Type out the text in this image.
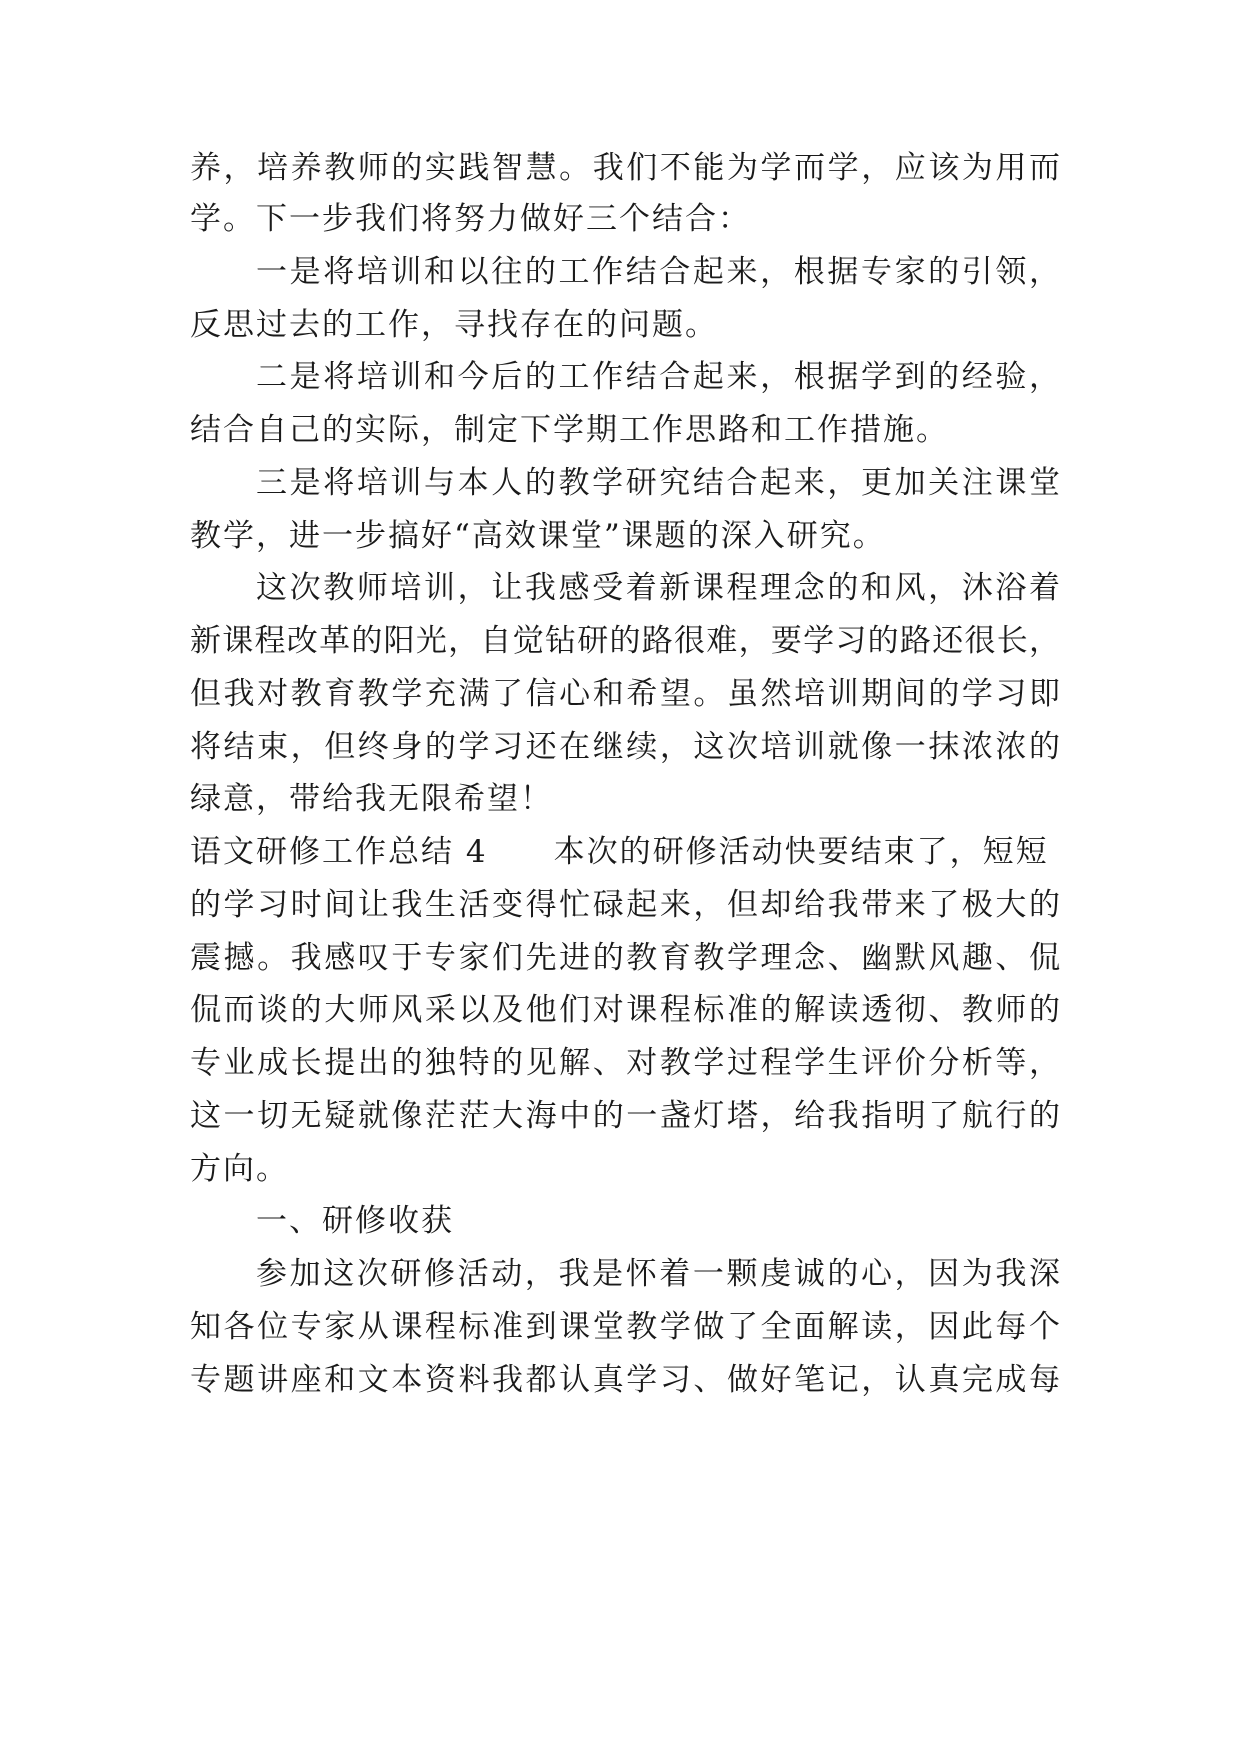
养，培养教师的实践智慧。我们不能为学而学，应该为用而
学。下一步我们将努力做好三个结合：
一是将培训和以往的工作结合起来，根据专家的引领，
反思过去的工作，寻找存在的问题。
二是将培训和今后的工作结合起来，根据学到的经验，
结合自己的实际，制定下学期工作思路和工作措施。
三是将培训与本人的教学研究结合起来，更加关注课堂
教学，进一步搞好“高效课堂”课题的深入研究。
这次教师培训，让我感受着新课程理念的和风，沐浴着
新课程改革的阳光，自觉钻研的路很难，要学习的路还很长，
但我对教育教学充满了信心和希望。虽然培训期间的学习即
将结束，但终身的学习还在继续，这次培训就像一抹浓浓的
绿意，带给我无限希望！
语文研修工作总结 4　　本次的研修活动快要结束了，短短
的学习时间让我生活变得忙碌起来，但却给我带来了极大的
震撼。我感叹于专家们先进的教育教学理念、幽默风趣、侃
侃而谈的大师风采以及他们对课程标准的解读透彻、教师的
专业成长提出的独特的见解、对教学过程学生评价分析等，
这一切无疑就像茫茫大海中的一盏灯塔，给我指明了航行的
方向。
一、研修收获
参加这次研修活动，我是怀着一颗虔诚的心，因为我深
知各位专家从课程标准到课堂教学做了全面解读，因此每个
专题讲座和文本资料我都认真学习、做好笔记，认真完成每
